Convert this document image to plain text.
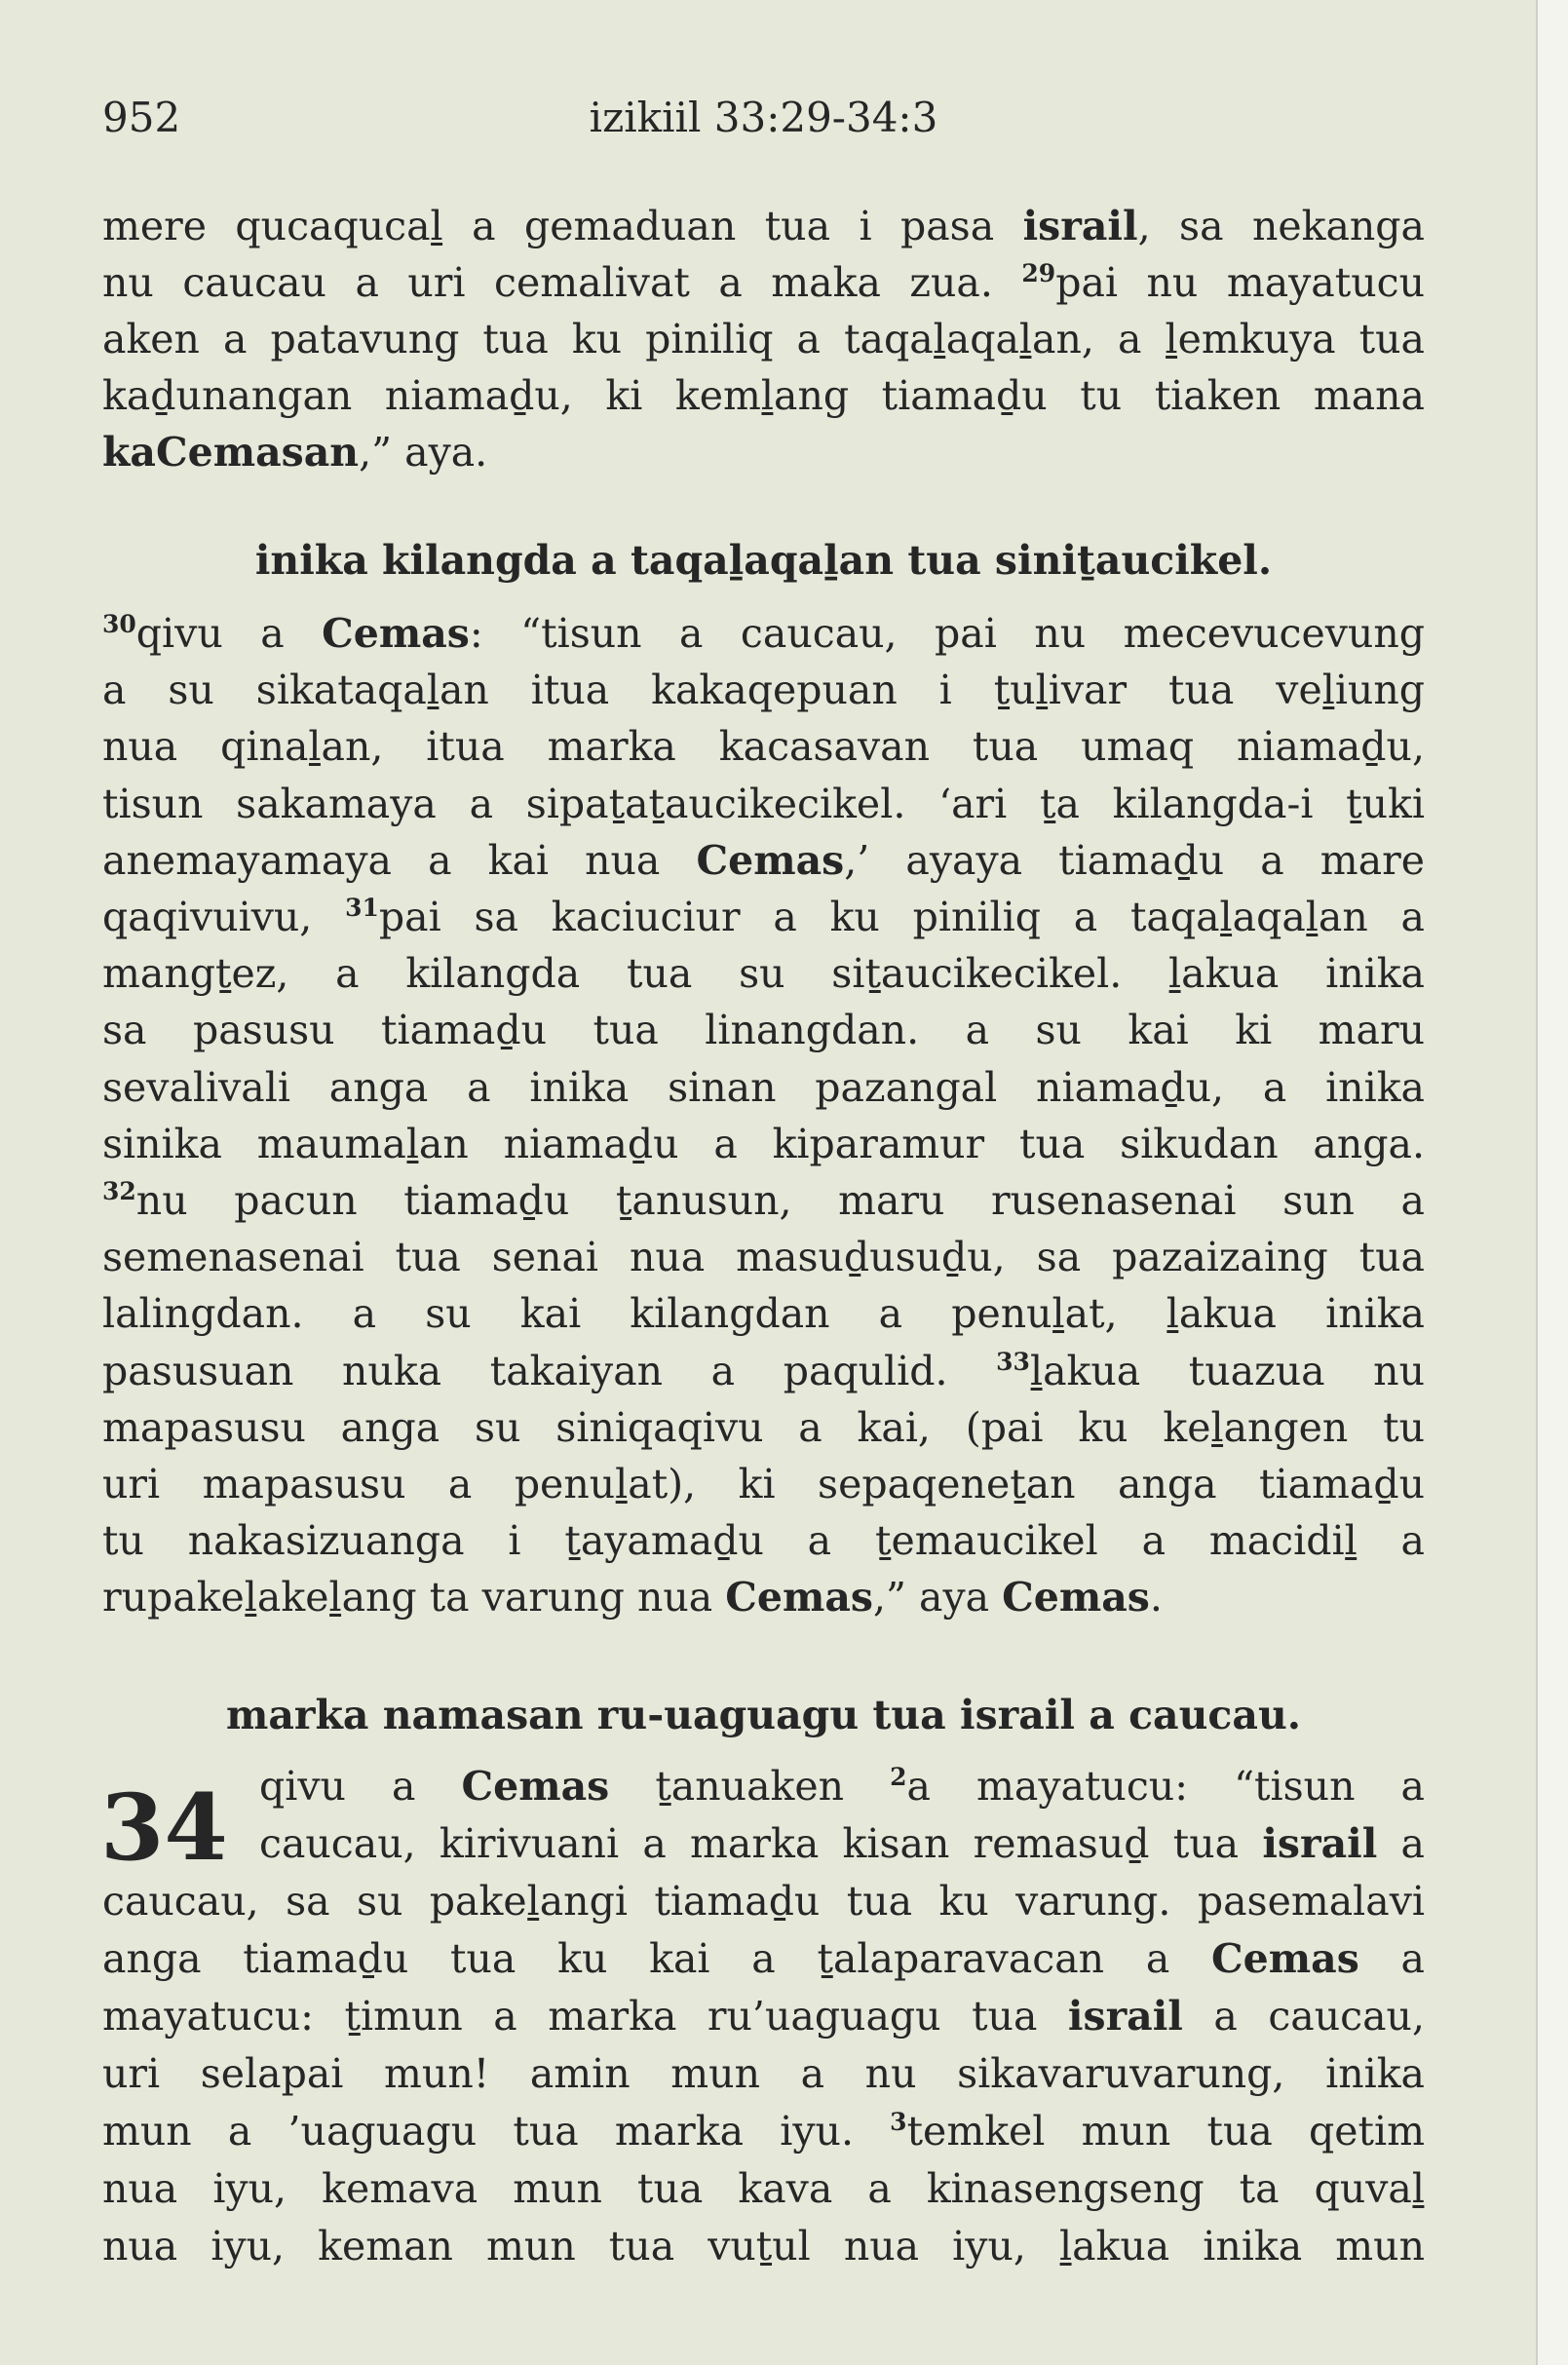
952	izikiil 33:29-34:3
mere qucaqucaḻ a gemaduan tua i pasa israil, sa nekanga
nu caucau a uri cemalivat a maka zua. $^{29}$pai nu mayatucu
aken a patavung tua ku piniliq a taqaḻaqaḻan, a ḻemkuya tua
kaḏunangan niamaḏu, ki kemḻang tiamaḏu tu tiaken mana
kaCemasan,” aya.
inika kilangda a taqaḻaqaḻan tua siniṯaucikel.
$^{30}$qivu a Cemas: “tisun a caucau, pai nu mecevucevung
a su sikataqaḻan itua kakaqepuan i ṯuḻivar tua veḻiung
nua qinaḻan, itua marka kacasavan tua umaq niamaḏu,
tisun sakamaya a sipaṯaṯaucikecikel. ‘ari ṯa kilangda-i ṯuki
anemayamaya a kai nua Cemas,’ ayaya tiamaḏu a mare
qaqivuivu, $^{31}$pai sa kaciuciur a ku piniliq a taqaḻaqaḻan a
mangṯez, a kilangda tua su siṯaucikecikel. ḻakua inika
sa pasusu tiamaḏu tua linangdan. a su kai ki maru
sevalivali anga a inika sinan pazangal niamaḏu, a inika
sinika maumaḻan niamaḏu a kiparamur tua sikudan anga.
$^{32}$nu pacun tiamaḏu ṯanusun, maru rusenasenai sun a
semenasenai tua senai nua masuḏusuḏu, sa pazaizaing tua
lalingdan. a su kai kilangdan a penuḻat, ḻakua inika
pasusuan nuka takaiyan a paqulid. $^{33}$ḻakua tuazua nu
mapasusu anga su siniqaqivu a kai, (pai ku keḻangen tu
uri mapasusu a penuḻat), ki sepaqeneṯan anga tiamaḏu
tu nakasizuanga i ṯayamaḏu a ṯemaucikel a macidiḻ a
rupakeḻakeḻang ta varung nua Cemas,” aya Cemas.
marka namasan ru-uaguagu tua israil a caucau.
34 qivu a Cemas ṯanuaken $^2$a mayatucu: “tisun a
caucau, kirivuani a marka kisan remasuḏ tua israil a
caucau, sa su pakeḻangi tiamaḏu tua ku varung. pasemalavi
anga tiamaḏu tua ku kai a ṯalaparavacan a Cemas a
mayatucu: ṯimun a marka ru’uaguagu tua israil a caucau,
uri selapai mun! amin mun a nu sikavaruvarung, inika
mun a ’uaguagu tua marka iyu. $^3$temkel mun tua qetim
nua iyu, kemava mun tua kava a kinasengseng ta quvaḻ
nua iyu, keman mun tua vuṯul nua iyu, ḻakua inika mun
